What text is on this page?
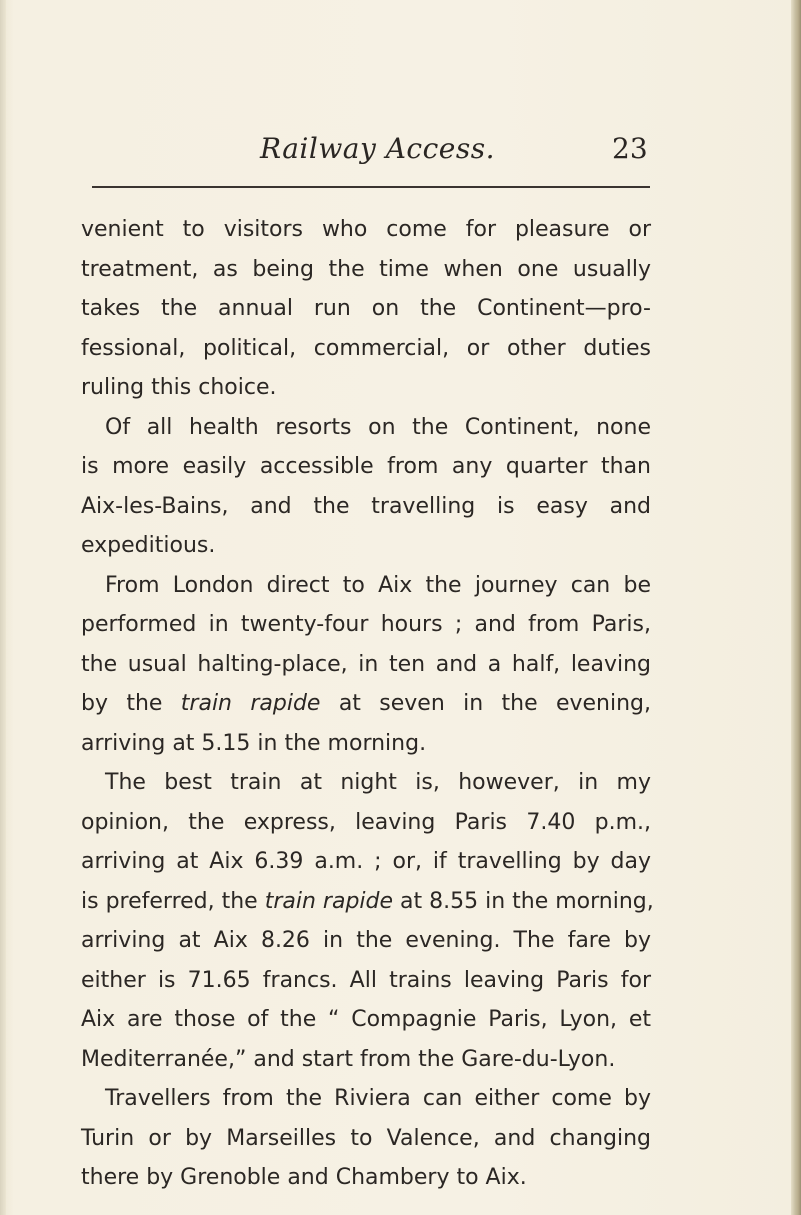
Railway Access.	23
venient to visitors who come for pleasure or
treatment, as being the time when one usually
takes the annual run on the Continent—pro-
fessional, political, commercial, or other duties
ruling this choice.
Of all health resorts on the Continent, none
is more easily accessible from any quarter than
Aix-les-Bains, and the travelling is easy and
expeditious.
From London direct to Aix the journey can be
performed in twenty-four hours ; and from Paris,
the usual halting-place, in ten and a half, leaving
by the train rapide at seven in the evening,
arriving at 5.15 in the morning.
The best train at night is, however, in my
opinion, the express, leaving Paris 7.40 p.m.,
arriving at Aix 6.39 a.m. ; or, if travelling by day
is preferred, the train rapide at 8.55 in the morning,
arriving at Aix 8.26 in the evening. The fare by
either is 71.65 francs. All trains leaving Paris for
Aix are those of the “ Compagnie Paris, Lyon, et
Mediterranée,” and start from the Gare-du-Lyon.
Travellers from the Riviera can either come by
Turin or by Marseilles to Valence, and changing
there by Grenoble and Chambery to Aix.
